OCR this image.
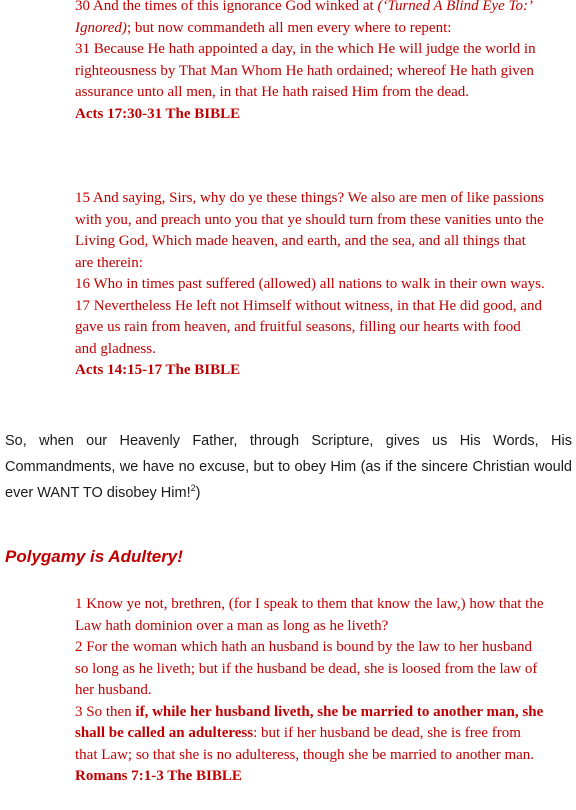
30 And the times of this ignorance God winked at (‘Turned A Blind Eye To:’ Ignored); but now commandeth all men every where to repent:

31 Because He hath appointed a day, in the which He will judge the world in righteousness by That Man Whom He hath ordained; whereof He hath given assurance unto all men, in that He hath raised Him from the dead.

Acts 17:30-31 The BIBLE

15 And saying, Sirs, why do ye these things? We also are men of like passions with you, and preach unto you that ye should turn from these vanities unto the Living God, Which made heaven, and earth, and the sea, and all things that are therein:

16 Who in times past suffered (allowed) all nations to walk in their own ways.

17 Nevertheless He left not Himself without witness, in that He did good, and gave us rain from heaven, and fruitful seasons, filling our hearts with food and gladness.

Acts 14:15-17 The BIBLE

So, when our Heavenly Father, through Scripture, gives us His Words, His Commandments, we have no excuse, but to obey Him (as if the sincere Christian would ever WANT TO disobey Him!$^2$)
Polygamy is Adultery!

1 Know ye not, brethren, (for I speak to them that know the law,) how that the Law hath dominion over a man as long as he liveth?

2 For the woman which hath an husband is bound by the law to her husband so long as he liveth; but if the husband be dead, she is loosed from the law of her husband.

3 So then if, while her husband liveth, she be married to another man, she shall be called an adulteress: but if her husband be dead, she is free from that Law; so that she is no adulteress, though she be married to another man.

Romans 7:1-3 The BIBLE
